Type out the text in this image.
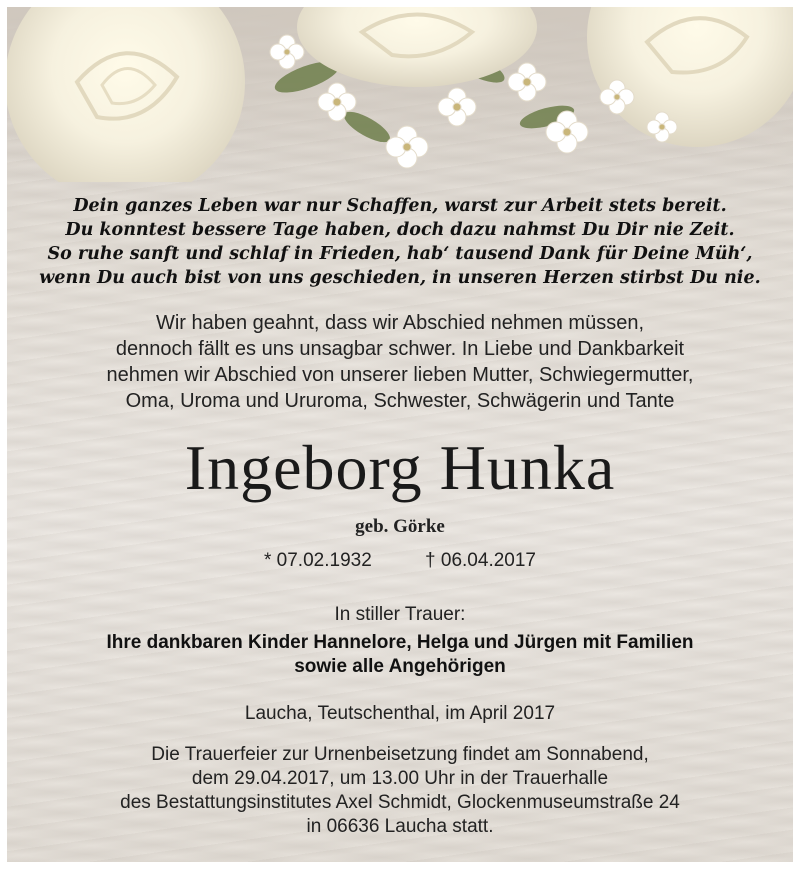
Dein ganzes Leben war nur Schaffen, warst zur Arbeit stets bereit.
Du konntest bessere Tage haben, doch dazu nahmst Du Dir nie Zeit.
So ruhe sanft und schlaf in Frieden, hab‘ tausend Dank für Deine Müh‘,
wenn Du auch bist von uns geschieden, in unseren Herzen stirbst Du nie.
Wir haben geahnt, dass wir Abschied nehmen müssen,
dennoch fällt es uns unsagbar schwer. In Liebe und Dankbarkeit
nehmen wir Abschied von unserer lieben Mutter, Schwiegermutter,
Oma, Uroma und Ururoma, Schwester, Schwägerin und Tante
Ingeborg Hunka
geb. Görke
* 07.02.1932	† 06.04.2017
In stiller Trauer:
Ihre dankbaren Kinder Hannelore, Helga und Jürgen mit Familien
sowie alle Angehörigen
Laucha, Teutschenthal, im April 2017
Die Trauerfeier zur Urnenbeisetzung findet am Sonnabend,
dem 29.04.2017, um 13.00 Uhr in der Trauerhalle
des Bestattungsinstitutes Axel Schmidt, Glockenmuseumstraße 24
in 06636 Laucha statt.
